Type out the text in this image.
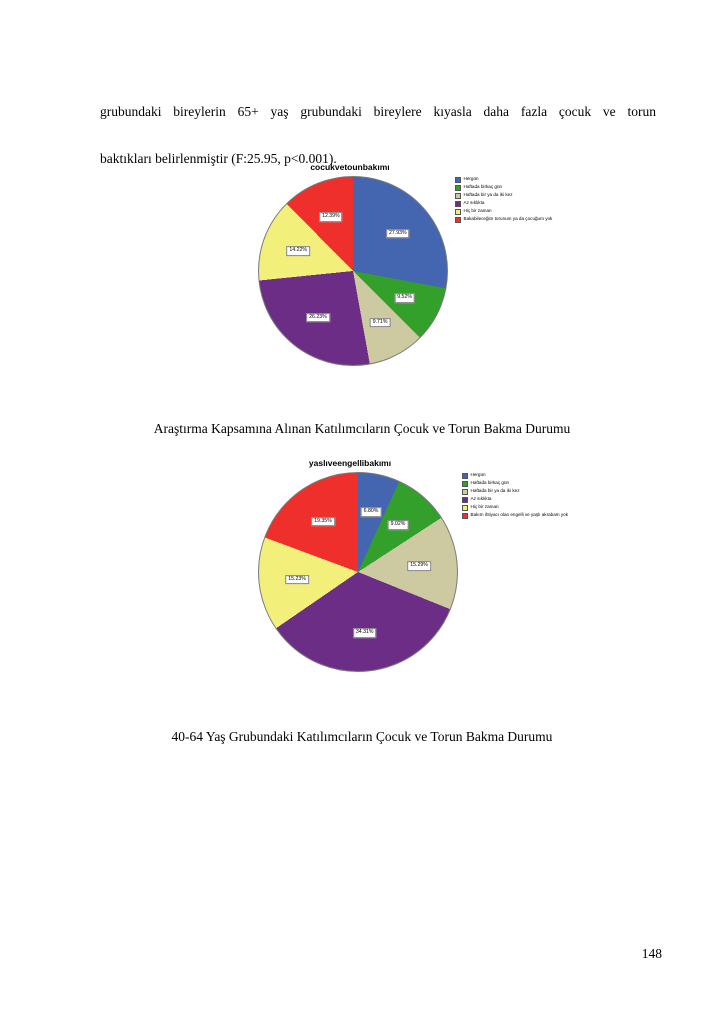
grubundaki bireylerin 65+ yaş grubundaki bireylere kıyasla daha fazla çocuk ve torun
baktıkları belirlenmiştir (F:25.95, p<0.001).
cocukvetounbakımı
27.93%
9.52%
9.71%
26.23%
14.22%
12.39%
Hergün
Haftada birkaç gün
Haftada bir ya da iki kez
Az sıklıkta
Hiç bir zaman
Bakabileceğim torunum ya da çocuğum yok
Araştırma Kapsamına Alınan Katılımcıların Çocuk ve Torun Bakma Durumu
yaslıveengellibakımı
6.80%
9.02%
15.29%
34.31%
15.23%
19.35%
Hergün
Haftada birkaç gün
Haftada bir ya da iki kez
Az sıklıkta
Hiç bir zaman
Bakım ihtiyacı olan engelli ve yaşlı akrabam yok
40-64 Yaş Grubundaki Katılımcıların Çocuk ve Torun Bakma Durumu
148
